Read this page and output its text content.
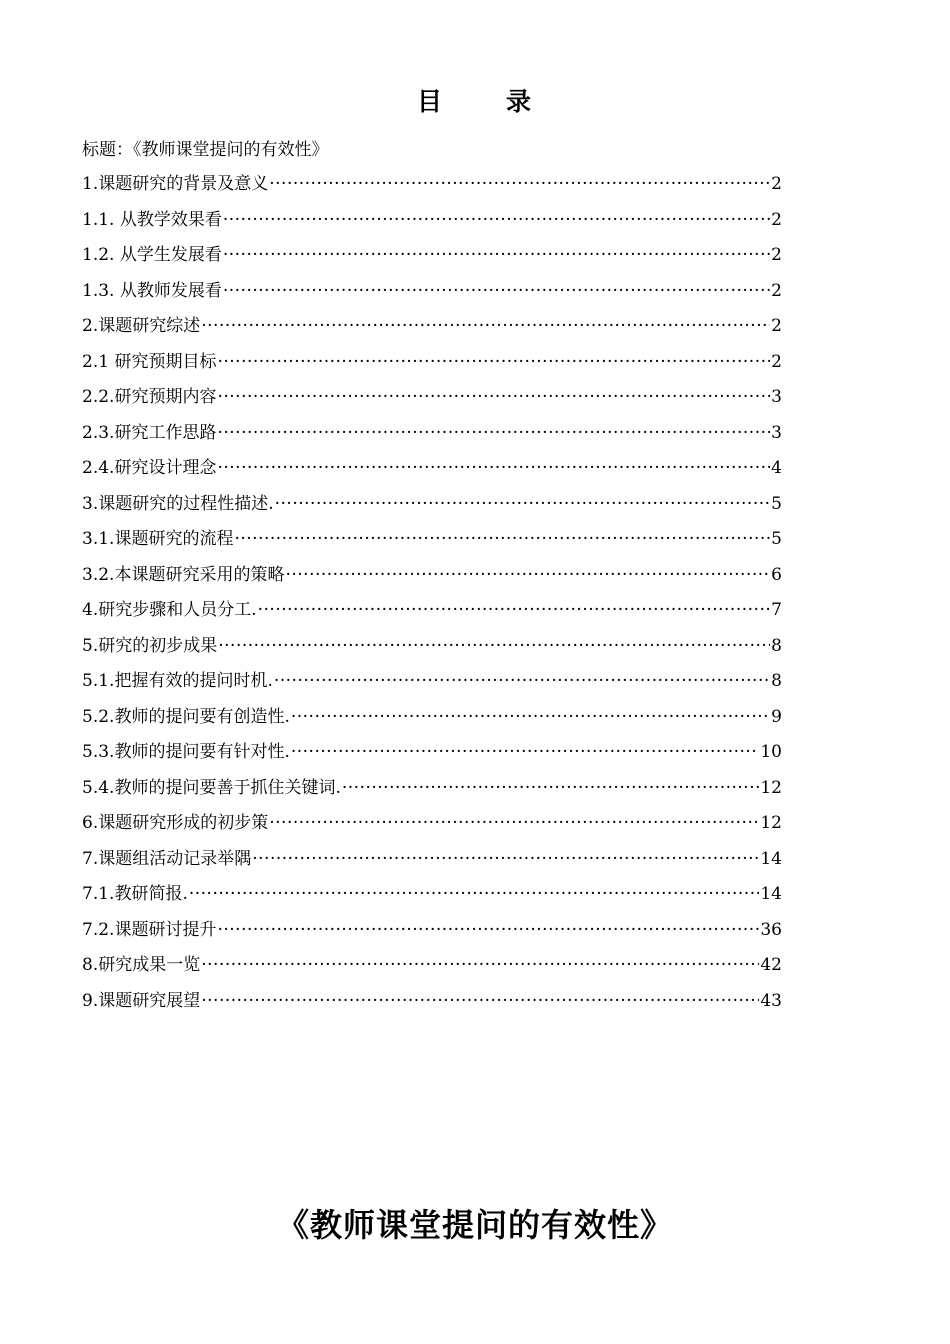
目 录
标题：《教师课堂提问的有效性》
1.课题研究的背景及意义 ·····	2
1.1. 从教学效果看 ·····	2
1.2. 从学生发展看 ·····	2
1.3. 从教师发展看 ·····	2
2.课题研究综述 ·····	2
2.1 研究预期目标 ·····	2
2.2.研究预期内容 ·····	3
2.3.研究工作思路 ·····	3
2.4.研究设计理念 ·····	4
3.课题研究的过程性描述. ·····	5
3.1.课题研究的流程 ·····	5
3.2.本课题研究采用的策略 ·····	6
4.研究步骤和人员分工. ·····	7
5.研究的初步成果 ·····	8
5.1.把握有效的提问时机. ·····	8
5.2.教师的提问要有创造性. ·····	9
5.3.教师的提问要有针对性. ·····	10
5.4.教师的提问要善于抓住关键词. ·····	12
6.课题研究形成的初步策 ·····	12
7.课题组活动记录举隅 ·····	14
7.1.教研简报. ·····	14
7.2.课题研讨提升 ·····	36
8.研究成果一览 ·····	42
9.课题研究展望 ·····	43
《教师课堂提问的有效性》
